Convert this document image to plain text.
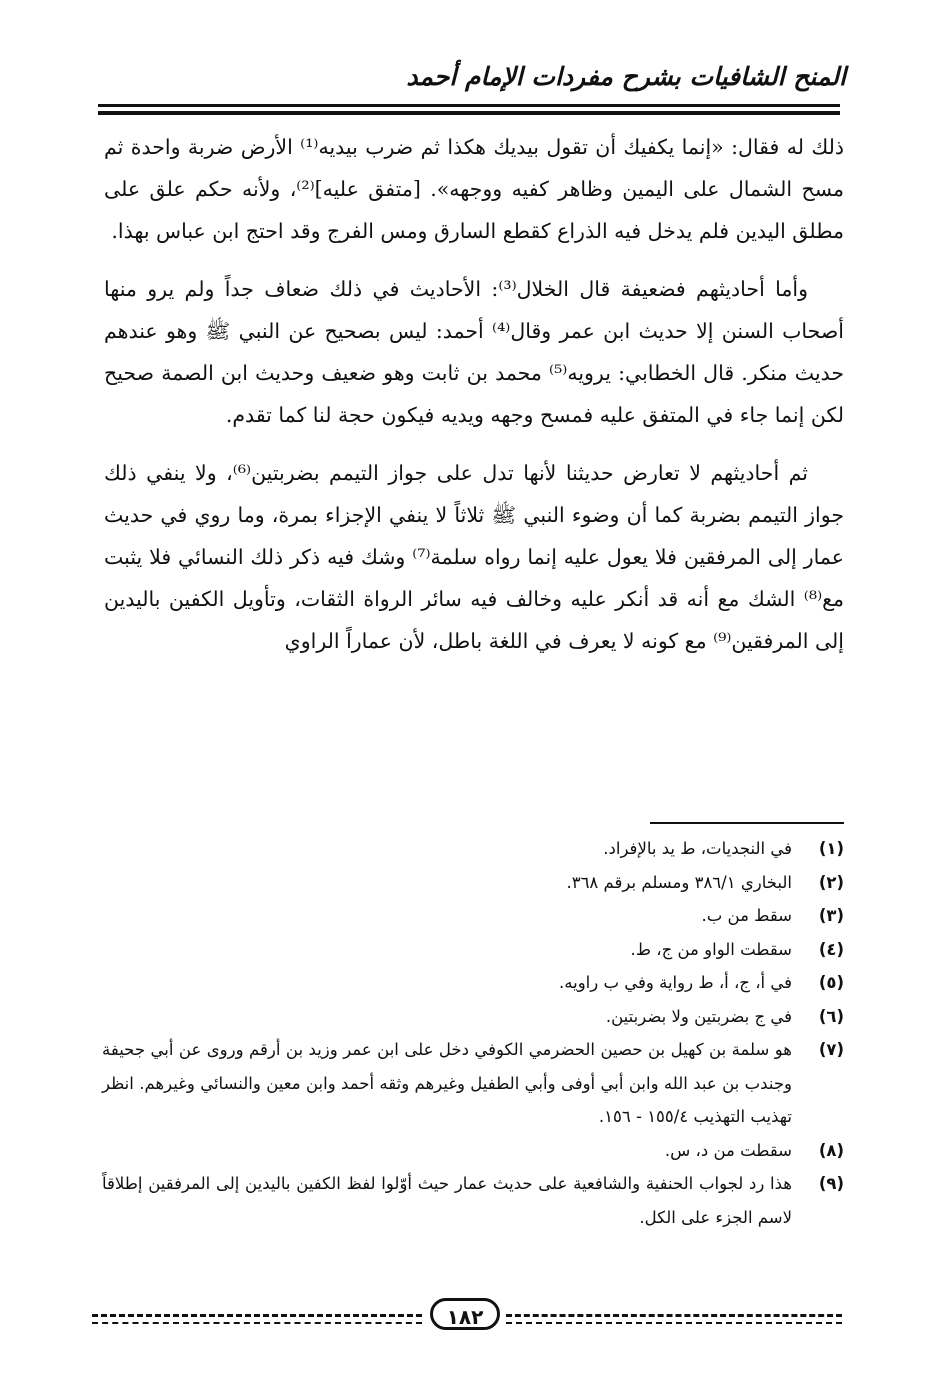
المنح الشافيات بشرح مفردات الإمام أحمد

ذلك له فقال: «إنما يكفيك أن تقول بيديك هكذا ثم ضرب بيديه⁽¹⁾ الأرض ضربة واحدة ثم مسح الشمال على اليمين وظاهر كفيه ووجهه». [متفق عليه]⁽²⁾، ولأنه حكم علق على مطلق اليدين فلم يدخل فيه الذراع كقطع السارق ومس الفرج وقد احتج ابن عباس بهذا.

وأما أحاديثهم فضعيفة قال الخلال⁽³⁾: الأحاديث في ذلك ضعاف جداً ولم يرو منها أصحاب السنن إلا حديث ابن عمر وقال⁽⁴⁾ أحمد: ليس بصحيح عن النبي ﷺ وهو عندهم حديث منكر. قال الخطابي: يرويه⁽⁵⁾ محمد بن ثابت وهو ضعيف وحديث ابن الصمة صحيح لكن إنما جاء في المتفق عليه فمسح وجهه ويديه فيكون حجة لنا كما تقدم.

ثم أحاديثهم لا تعارض حديثنا لأنها تدل على جواز التيمم بضربتين⁽⁶⁾، ولا ينفي ذلك جواز التيمم بضربة كما أن وضوء النبي ﷺ ثلاثاً لا ينفي الإجزاء بمرة، وما روي في حديث عمار إلى المرفقين فلا يعول عليه إنما رواه سلمة⁽⁷⁾ وشك فيه ذكر ذلك النسائي فلا يثبت مع⁽⁸⁾ الشك مع أنه قد أنكر عليه وخالف فيه سائر الرواة الثقات، وتأويل الكفين باليدين إلى المرفقين⁽⁹⁾ مع كونه لا يعرف في اللغة باطل، لأن عماراً الراوي

(١)
في النجديات، ط يد بالإفراد.
(٢)
البخاري ٣٨٦/١ ومسلم برقم ٣٦٨.
(٣)
سقط من ب.
(٤)
سقطت الواو من ج، ط.
(٥)
في أ، ج، أ، ط رواية وفي ب راويه.
(٦)
في ج بضربتين ولا بضربتين.
(٧)
هو سلمة بن كهيل بن حصين الحضرمي الكوفي دخل على ابن عمر وزيد بن أرقم وروى عن أبي جحيفة وجندب بن عبد الله وابن أبي أوفى وأبي الطفيل وغيرهم وثقه أحمد وابن معين والنسائي وغيرهم. انظر تهذيب التهذيب ١٥٥/٤ - ١٥٦.
(٨)
سقطت من د، س.
(٩)
هذا رد لجواب الحنفية والشافعية على حديث عمار حيث أوّلوا لفظ الكفين باليدين إلى المرفقين إطلاقاً لاسم الجزء على الكل.
١٨٢
